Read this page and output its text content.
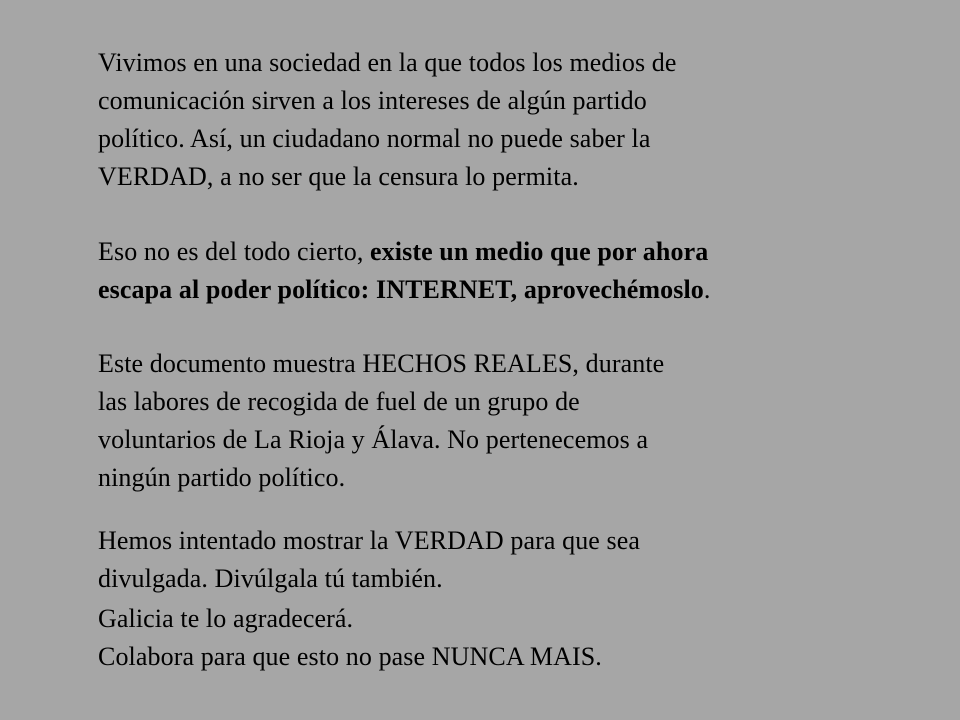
Vivimos en una sociedad en la que todos los medios de
comunicación sirven a los intereses de algún partido
político. Así, un ciudadano normal no puede saber la
VERDAD, a no ser que la censura lo permita.

Eso no es del todo cierto, existe un medio que por ahora
escapa al poder político: INTERNET, aprovechémoslo.

Este documento muestra HECHOS REALES, durante
las labores de recogida de fuel de un grupo de
voluntarios de La Rioja y Álava. No pertenecemos a
ningún partido político.

Hemos intentado mostrar la VERDAD para que sea
divulgada. Divúlgala tú también.

Galicia te lo agradecerá.
Colabora para que esto no pase NUNCA MAIS.
